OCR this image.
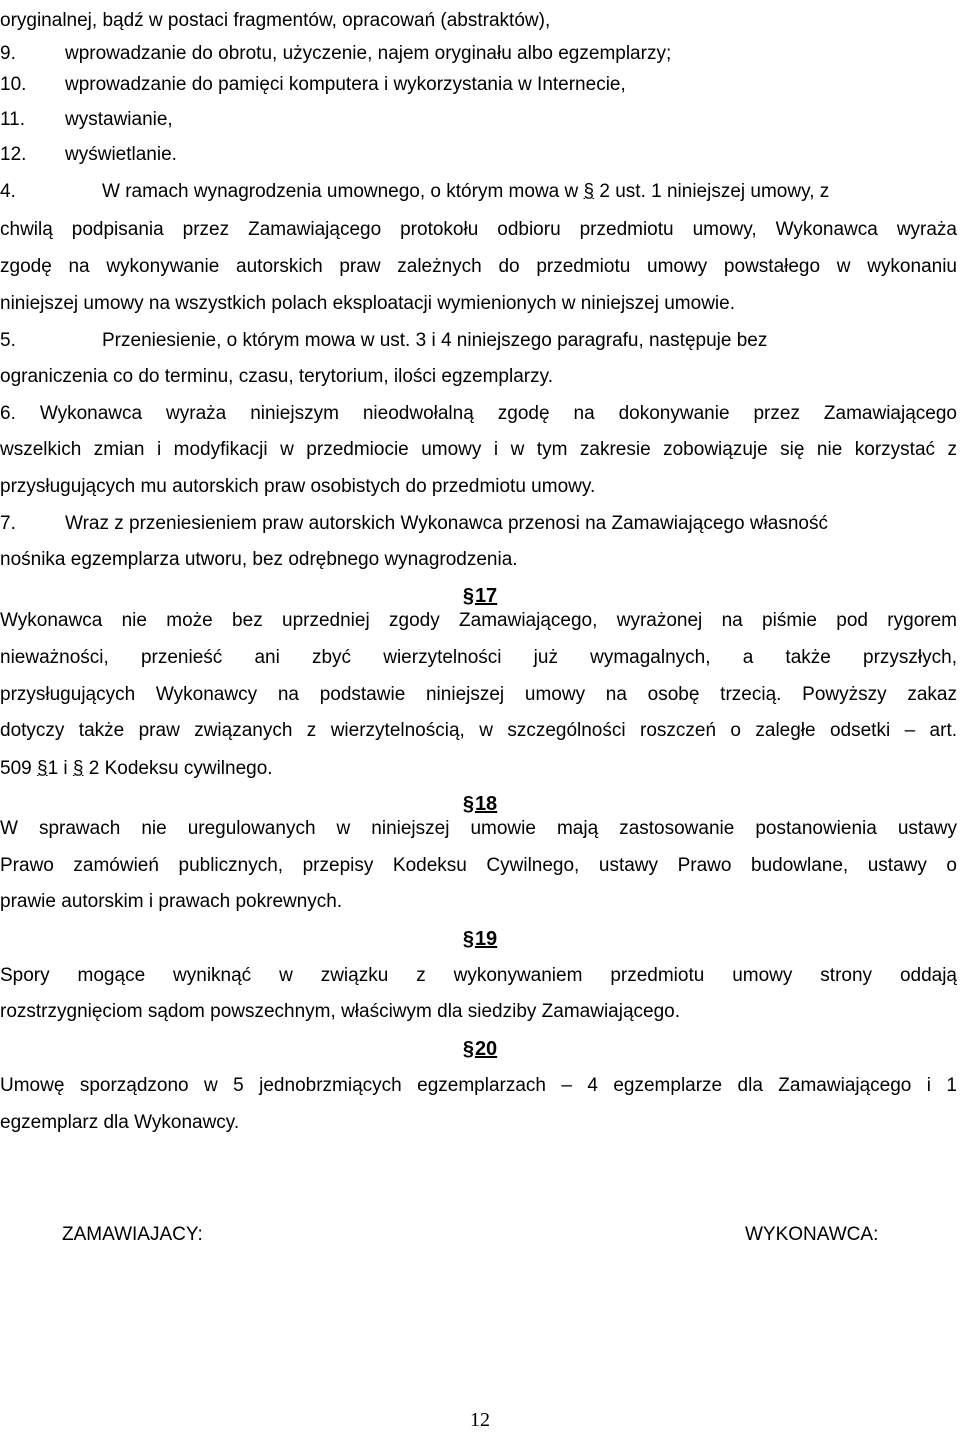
oryginalnej, bądź w postaci fragmentów, opracowań (abstraktów),
9.	wprowadzanie do obrotu, użyczenie, najem oryginału albo egzemplarzy;
10. wprowadzanie do pamięci komputera i wykorzystania w Internecie,
11. wystawianie,
12. wyświetlanie.
4.	W ramach wynagrodzenia umownego, o którym mowa w § 2 ust. 1 niniejszej umowy, z
chwilą podpisania przez Zamawiającego protokołu odbioru przedmiotu umowy, Wykonawca wyraża
zgodę na wykonywanie autorskich praw zależnych do przedmiotu umowy powstałego w wykonaniu
niniejszej umowy na wszystkich polach eksploatacji wymienionych w niniejszej umowie.
5.	Przeniesienie, o którym mowa w ust. 3 i 4 niniejszego paragrafu, następuje bez
ograniczenia co do terminu, czasu, terytorium, ilości egzemplarzy.
6. Wykonawca wyraża niniejszym nieodwołalną zgodę na dokonywanie przez Zamawiającego
wszelkich zmian i modyfikacji w przedmiocie umowy i w tym zakresie zobowiązuje się nie korzystać z
przysługujących mu autorskich praw osobistych do przedmiotu umowy.
7.	Wraz z przeniesieniem praw autorskich Wykonawca przenosi na Zamawiającego własność
nośnika egzemplarza utworu, bez odrębnego wynagrodzenia.
§17
Wykonawca nie może bez uprzedniej zgody Zamawiającego, wyrażonej na piśmie pod rygorem
nieważności, przenieść ani zbyć wierzytelności już wymagalnych, a także przyszłych,
przysługujących Wykonawcy na podstawie niniejszej umowy na osobę trzecią. Powyższy zakaz
dotyczy także praw związanych z wierzytelnością, w szczególności roszczeń o zaległe odsetki – art.
509 §1 i § 2 Kodeksu cywilnego.
§18
W sprawach nie uregulowanych w niniejszej umowie mają zastosowanie postanowienia ustawy
Prawo zamówień publicznych, przepisy Kodeksu Cywilnego, ustawy Prawo budowlane, ustawy o
prawie autorskim i prawach pokrewnych.
§19
Spory mogące wyniknąć w związku z wykonywaniem przedmiotu umowy strony oddają
rozstrzygnięciom sądom powszechnym, właściwym dla siedziby Zamawiającego.
§20
Umowę sporządzono w 5 jednobrzmiących egzemplarzach – 4 egzemplarze dla Zamawiającego i 1
egzemplarz dla Wykonawcy.
ZAMAWIAJACY:	WYKONAWCA:
12
